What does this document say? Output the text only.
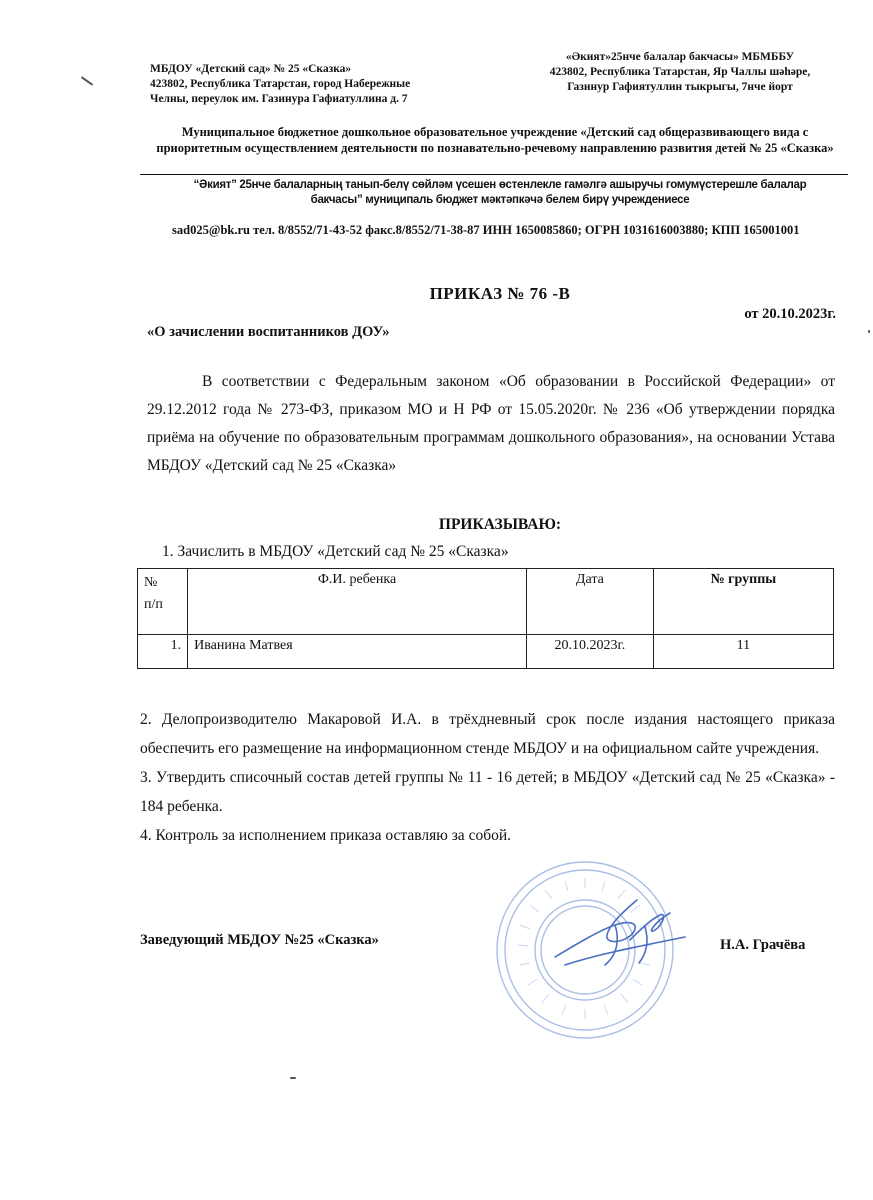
МБДОУ «Детский сад» № 25 «Сказка»
423802, Республика Татарстан, город Набережные
Челны, переулок им. Газинура Гафиатуллина д. 7
«Әкият»25нче балалар бакчасы» МБМББУ
423802, Республика Татарстан, Яр Чаллы шәһәре,
Газинур Гафиятуллин тыкрыгы, 7нче йорт
Муниципальное бюджетное дошкольное образовательное учреждение «Детский сад общеразвивающего вида с приоритетным осуществлением деятельности по познавательно-речевому направлению развития детей № 25 «Сказка»
“Әкият” 25нче балаларның танып-белү сөйләм үсешен өстенлекле гамәлгә ашыручы гомумүстерешле балалар бакчасы” муниципаль бюджет мәктәпкәчә белем бирү учреждениесе
sad025@bk.ru тел. 8/8552/71-43-52 факс.8/8552/71-38-87 ИНН 1650085860; ОГРН 1031616003880; КПП 165001001
ПРИКАЗ № 76 -В
от 20.10.2023г.
«О зачислении воспитанников ДОУ»
В соответствии с Федеральным законом «Об образовании в Российской Федерации» от 29.12.2012 года № 273-ФЗ, приказом МО и Н РФ от 15.05.2020г. № 236 «Об утверждении порядка приёма на обучение по образовательным программам дошкольного образования», на основании Устава МБДОУ «Детский сад № 25 «Сказка»
ПРИКАЗЫВАЮ:
1. Зачислить в МБДОУ «Детский сад № 25 «Сказка»
№
п/п	Ф.И. ребенка	Дата	№ группы
1.	Иванина Матвея	20.10.2023г.	11

2. Делопроизводителю Макаровой И.А. в трёхдневный срок после издания настоящего приказа обеспечить его размещение на информационном стенде МБДОУ и на официальном сайте учреждения.

3. Утвердить списочный состав детей группы № 11 - 16 детей; в МБДОУ «Детский сад № 25 «Сказка» - 184 ребенка.

4. Контроль за исполнением приказа оставляю за собой.

Заведующий МБДОУ №25 «Сказка»	Н.А. Грачёва
